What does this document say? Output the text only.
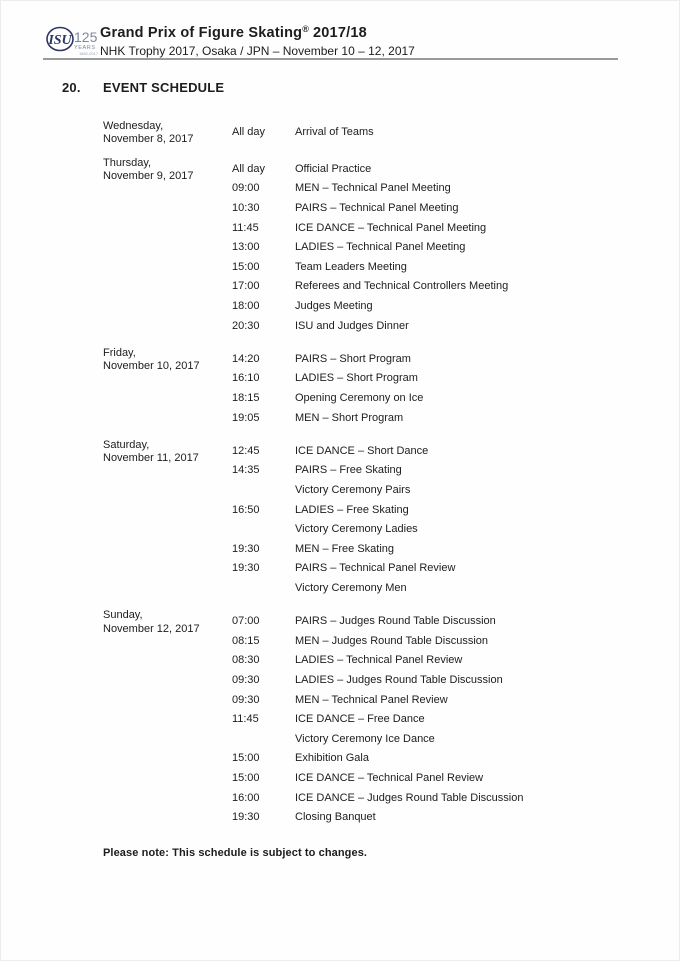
ISU 125
YEARS
1892-2017
Grand Prix of Figure Skating® 2017/18
NHK Trophy 2017, Osaka / JPN – November 10 – 12, 2017
20.	EVENT SCHEDULE
Wednesday,
November 8, 2017
All day	Arrival of Teams
Thursday,
November 9, 2017
All day	Official Practice
09:00	MEN – Technical Panel Meeting
10:30	PAIRS – Technical Panel Meeting
11:45	ICE DANCE – Technical Panel Meeting
13:00	LADIES – Technical Panel Meeting
15:00	Team Leaders Meeting
17:00	Referees and Technical Controllers Meeting
18:00	Judges Meeting
20:30	ISU and Judges Dinner
Friday,
November 10, 2017
14:20	PAIRS – Short Program
16:10	LADIES – Short Program
18:15	Opening Ceremony on Ice
19:05	MEN – Short Program
Saturday,
November 11, 2017
12:45	ICE DANCE – Short Dance
14:35	PAIRS – Free Skating
Victory Ceremony Pairs
16:50	LADIES – Free Skating
Victory Ceremony Ladies
19:30	MEN – Free Skating
19:30	PAIRS – Technical Panel Review
Victory Ceremony Men
Sunday,
November 12, 2017
07:00	PAIRS – Judges Round Table Discussion
08:15	MEN – Judges Round Table Discussion
08:30	LADIES – Technical Panel Review
09:30	LADIES – Judges Round Table Discussion
09:30	MEN – Technical Panel Review
11:45	ICE DANCE – Free Dance
Victory Ceremony Ice Dance
15:00	Exhibition Gala
15:00	ICE DANCE – Technical Panel Review
16:00	ICE DANCE – Judges Round Table Discussion
19:30	Closing Banquet
Please note: This schedule is subject to changes.
